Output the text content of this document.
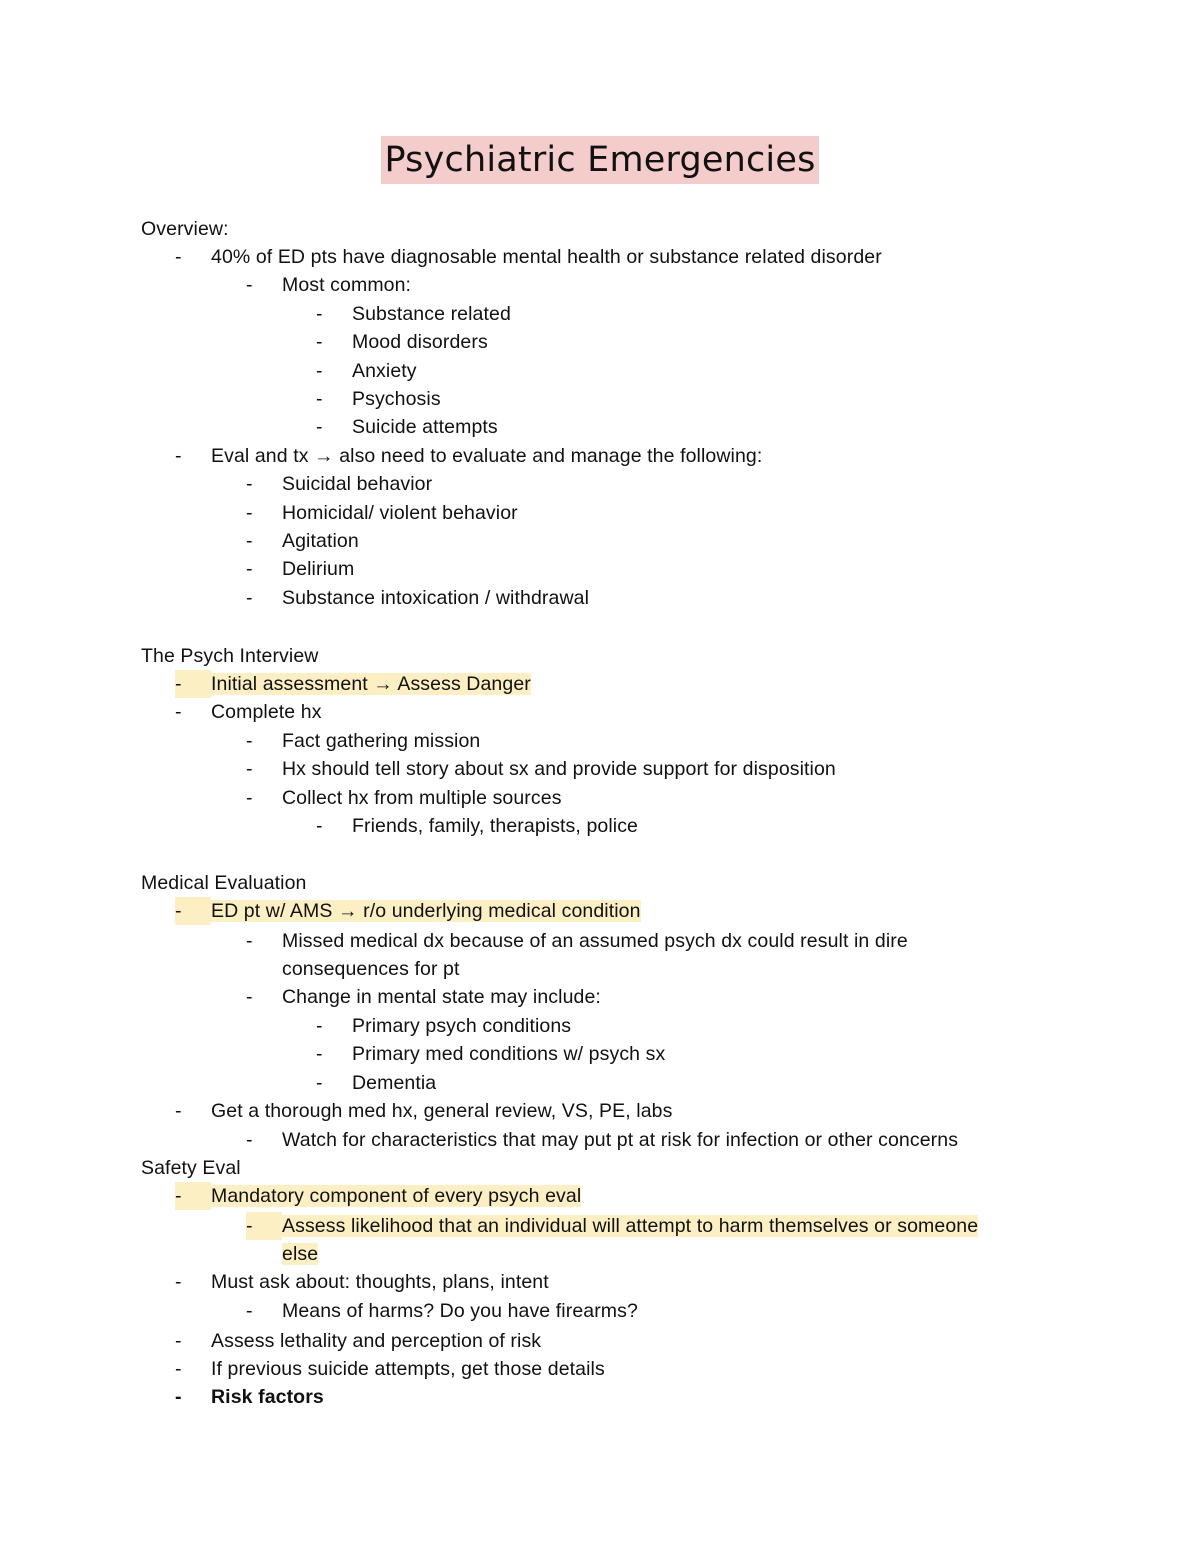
Psychiatric Emergencies
Overview:
-	40% of ED pts have diagnosable mental health or substance related disorder
-	Most common:
-	Substance related
-	Mood disorders
-	Anxiety
-	Psychosis
-	Suicide attempts
-	Eval and tx → also need to evaluate and manage the following:
-	Suicidal behavior
-	Homicidal/ violent behavior
-	Agitation
-	Delirium
-	Substance intoxication / withdrawal
The Psych Interview
-	Initial assessment → Assess Danger
-	Complete hx
-	Fact gathering mission
-	Hx should tell story about sx and provide support for disposition
-	Collect hx from multiple sources
-	Friends, family, therapists, police
Medical Evaluation
-	ED pt w/ AMS → r/o underlying medical condition
-	Missed medical dx because of an assumed psych dx could result in dire
consequences for pt
-	Change in mental state may include:
-	Primary psych conditions
-	Primary med conditions w/ psych sx
-	Dementia
-	Get a thorough med hx, general review, VS, PE, labs
-	Watch for characteristics that may put pt at risk for infection or other concerns
Safety Eval
-	Mandatory component of every psych eval
-	Assess likelihood that an individual will attempt to harm themselves or someone
else
-	Must ask about: thoughts, plans, intent
-	Means of harms? Do you have firearms?
-	Assess lethality and perception of risk
-	If previous suicide attempts, get those details
-	Risk factors
